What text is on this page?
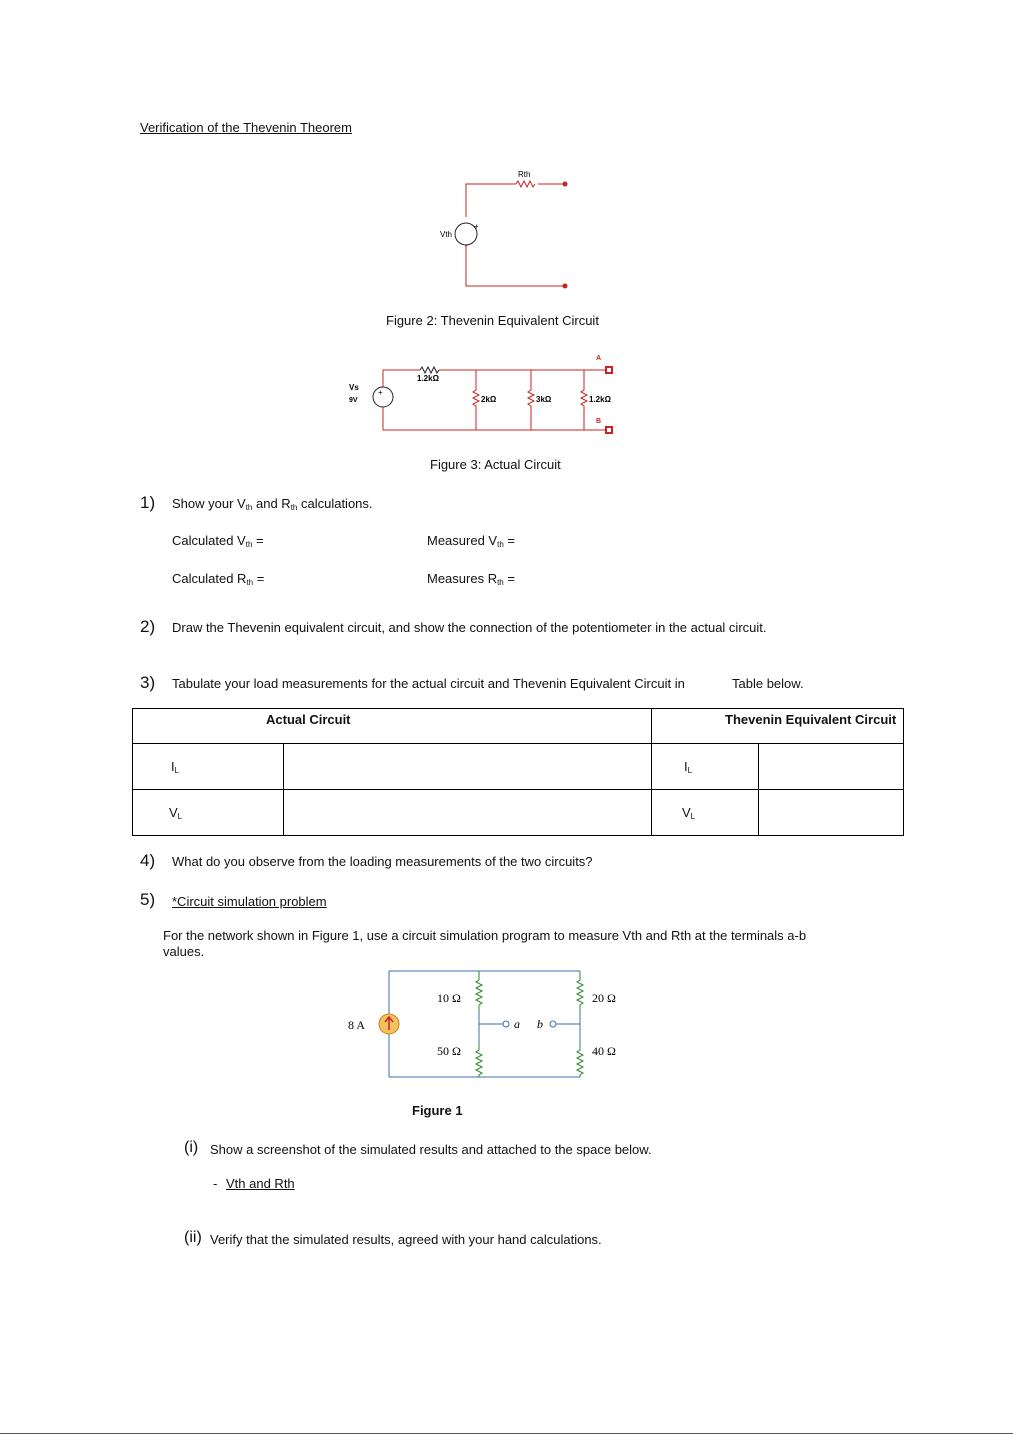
Verification of the Thevenin Theorem
+
-
Vth
Rth
Figure 2: Thevenin Equivalent Circuit
+
Vs
9V
1.2kΩ
2kΩ	3kΩ	1.2kΩ
A
B
Figure 3: Actual Circuit
1) Show your $V_{th}$ and $R_{th}$ calculations.
Calculated $V_{th}$ =	Measured $V_{th}$ =
Calculated $R_{th}$ =	Measures $R_{th}$ =
2) Draw the Thevenin equivalent circuit, and show the connection of the potentiometer in the actual circuit.
3) Tabulate your load measurements for the actual circuit and Thevenin Equivalent Circuit in	Table below.
Actual Circuit		Thevenin Equivalent Circuit	
$I_L$		$I_L$	
$V_L$		$V_L$	
4) What do you observe from the loading measurements of the two circuits?
5) *Circuit simulation problem
For the network shown in Figure 1, use a circuit simulation program to measure Vth and Rth at the terminals a-b
values.
8 A
10 Ω
50 Ω
a b
20 Ω
40 Ω
Figure 1
(i) Show a screenshot of the simulated results and attached to the space below.
- Vth and Rth
(ii) Verify that the simulated results, agreed with your hand calculations.
